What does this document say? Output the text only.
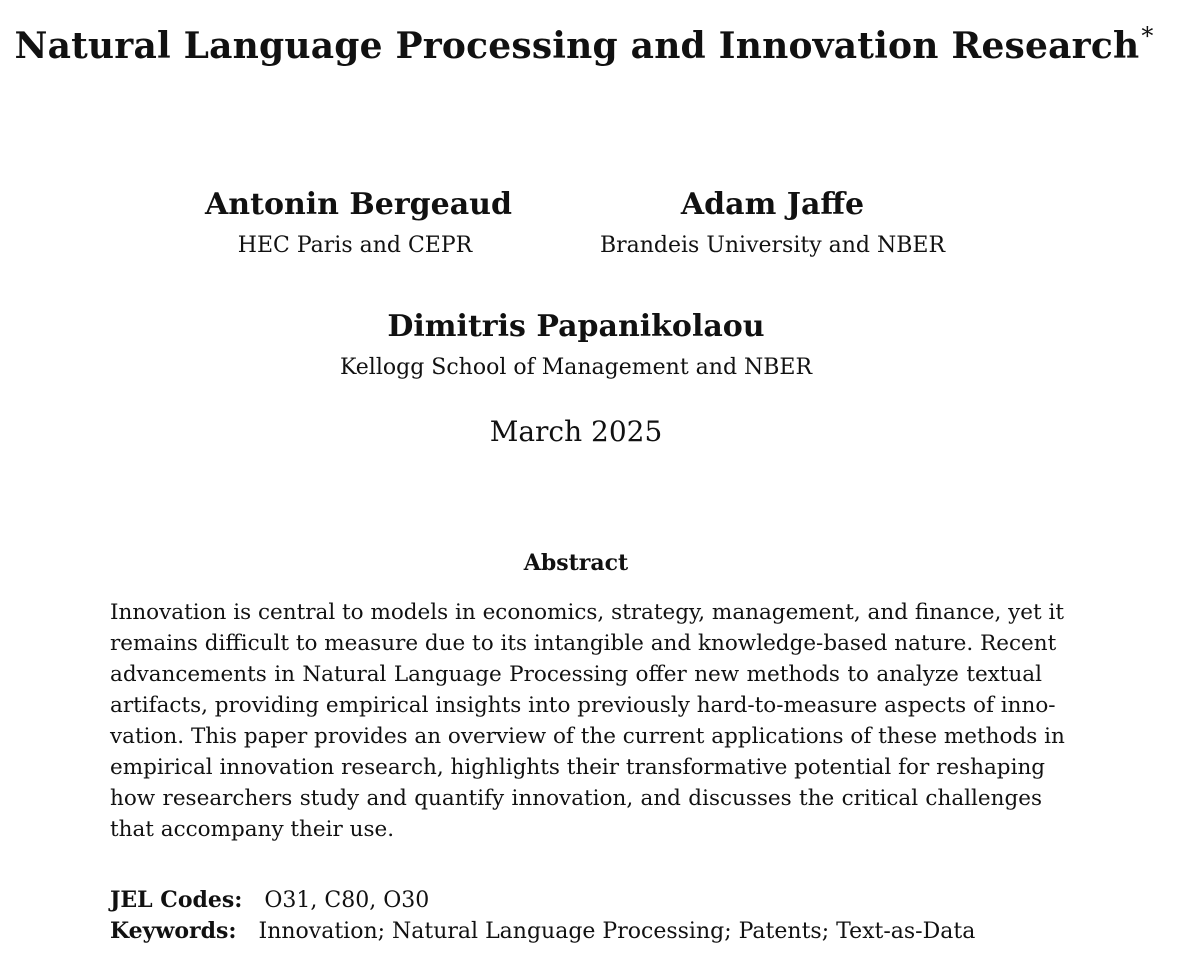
Natural Language Processing and Innovation Research*
Antonin Bergeaud
HEC Paris and CEPR
Adam Jaffe
Brandeis University and NBER
Dimitris Papanikolaou
Kellogg School of Management and NBER
March 2025
Abstract

Innovation is central to models in economics, strategy, management, and finance, yet it
remains difficult to measure due to its intangible and knowledge-based nature. Recent
advancements in Natural Language Processing offer new methods to analyze textual
artifacts, providing empirical insights into previously hard-to-measure aspects of inno-
vation. This paper provides an overview of the current applications of these methods in
empirical innovation research, highlights their transformative potential for reshaping
how researchers study and quantify innovation, and discusses the critical challenges
that accompany their use.

JEL Codes: O31, C80, O30
Keywords: Innovation; Natural Language Processing; Patents; Text-as-Data
